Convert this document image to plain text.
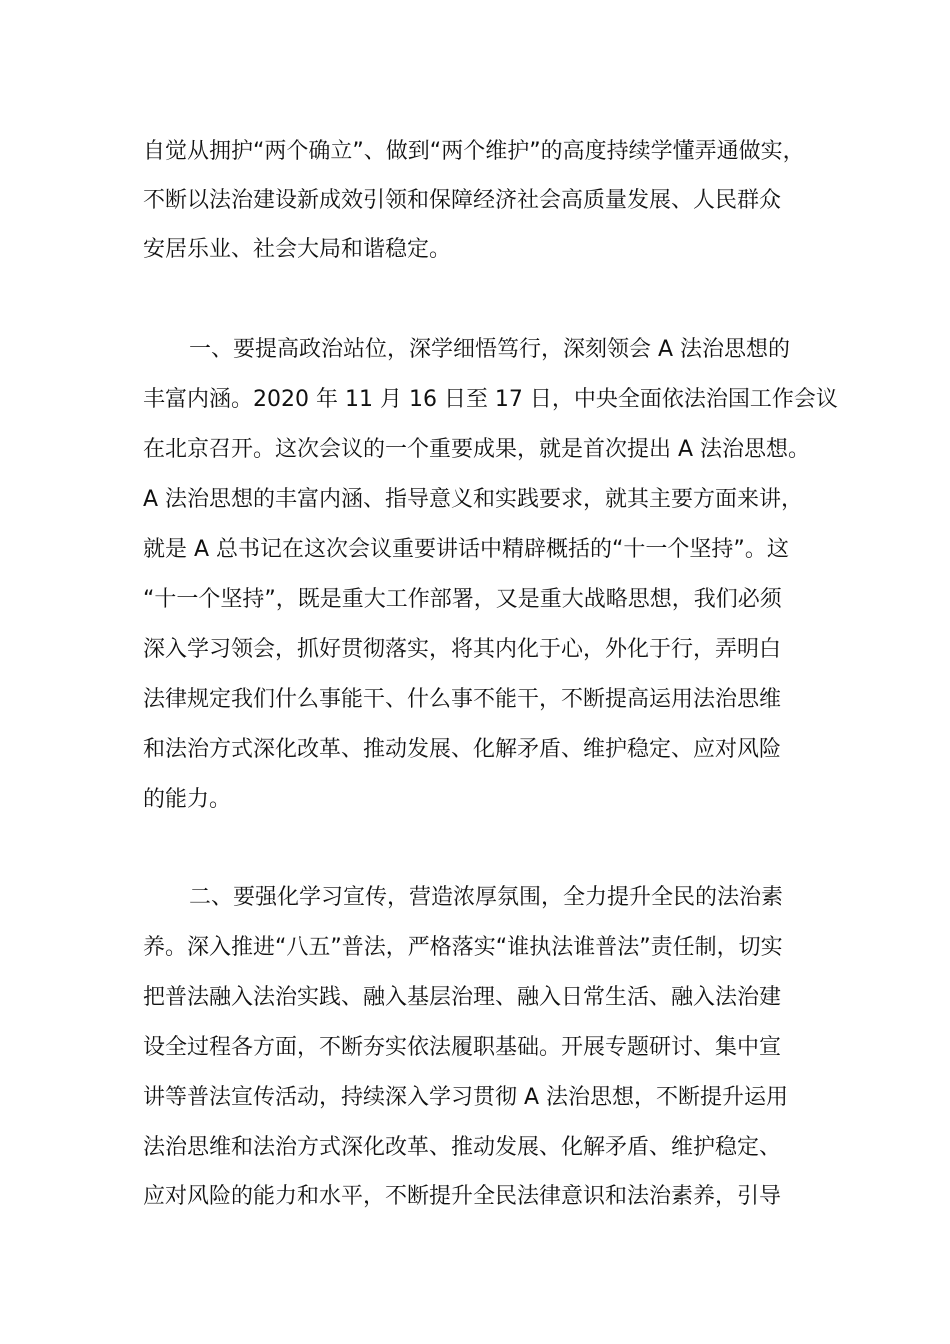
自觉从拥护“两个确立”、做到“两个维护”的高度持续学懂弄通做实，

不断以法治建设新成效引领和保障经济社会高质量发展、人民群众

安居乐业、社会大局和谐稳定。

一、要提高政治站位，深学细悟笃行，深刻领会 A 法治思想的

丰富内涵。2020 年 11 月 16 日至 17 日，中央全面依法治国工作会议

在北京召开。这次会议的一个重要成果，就是首次提出 A 法治思想。

A 法治思想的丰富内涵、指导意义和实践要求，就其主要方面来讲，

就是 A 总书记在这次会议重要讲话中精辟概括的“十一个坚持”。这

“十一个坚持”，既是重大工作部署，又是重大战略思想，我们必须

深入学习领会，抓好贯彻落实，将其内化于心，外化于行，弄明白

法律规定我们什么事能干、什么事不能干，不断提高运用法治思维

和法治方式深化改革、推动发展、化解矛盾、维护稳定、应对风险

的能力。

二、要强化学习宣传，营造浓厚氛围，全力提升全民的法治素

养。深入推进“八五”普法，严格落实“谁执法谁普法”责任制，切实

把普法融入法治实践、融入基层治理、融入日常生活、融入法治建

设全过程各方面，不断夯实依法履职基础。开展专题研讨、集中宣

讲等普法宣传活动，持续深入学习贯彻 A 法治思想，不断提升运用

法治思维和法治方式深化改革、推动发展、化解矛盾、维护稳定、

应对风险的能力和水平，不断提升全民法律意识和法治素养，引导
